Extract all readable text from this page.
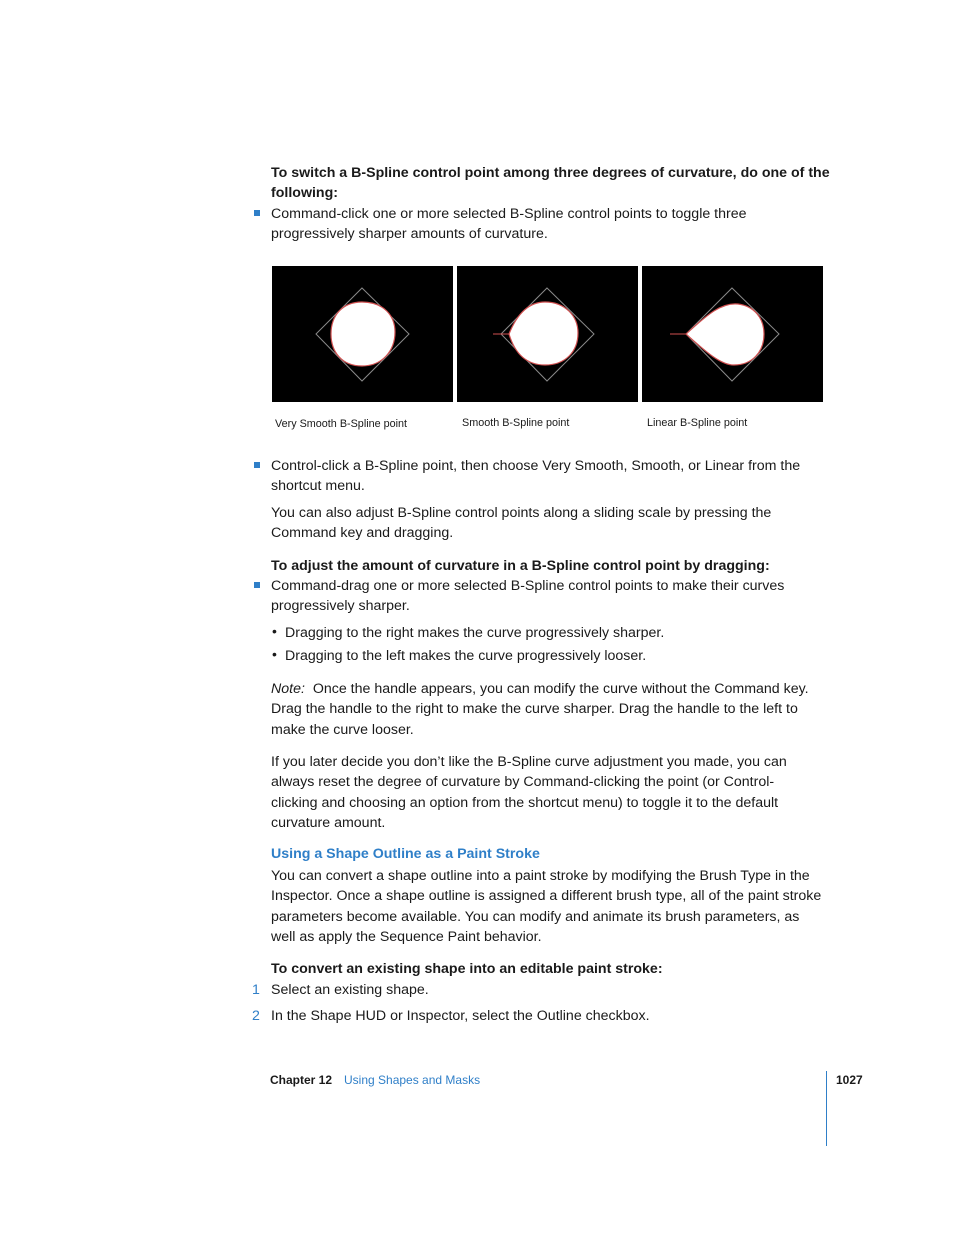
To switch a B-Spline control point among three degrees of curvature, do one of the following:
Command-click one or more selected B-Spline control points to toggle three progressively sharper amounts of curvature.
Very Smooth B-Spline point	Smooth B-Spline point	Linear B-Spline point
Control-click a B-Spline point, then choose Very Smooth, Smooth, or Linear from the shortcut menu.
You can also adjust B-Spline control points along a sliding scale by pressing the Command key and dragging.
To adjust the amount of curvature in a B-Spline control point by dragging:
Command-drag one or more selected B-Spline control points to make their curves progressively sharper.
• Dragging to the right makes the curve progressively sharper.
• Dragging to the left makes the curve progressively looser.
Note: Once the handle appears, you can modify the curve without the Command key. Drag the handle to the right to make the curve sharper. Drag the handle to the left to make the curve looser.
If you later decide you don’t like the B-Spline curve adjustment you made, you can always reset the degree of curvature by Command-clicking the point (or Control-clicking and choosing an option from the shortcut menu) to toggle it to the default curvature amount.
Using a Shape Outline as a Paint Stroke
You can convert a shape outline into a paint stroke by modifying the Brush Type in the Inspector. Once a shape outline is assigned a different brush type, all of the paint stroke parameters become available. You can modify and animate its brush parameters, as well as apply the Sequence Paint behavior.
To convert an existing shape into an editable paint stroke:
1 Select an existing shape.
2 In the Shape HUD or Inspector, select the Outline checkbox.
Chapter 12 Using Shapes and Masks	1027
